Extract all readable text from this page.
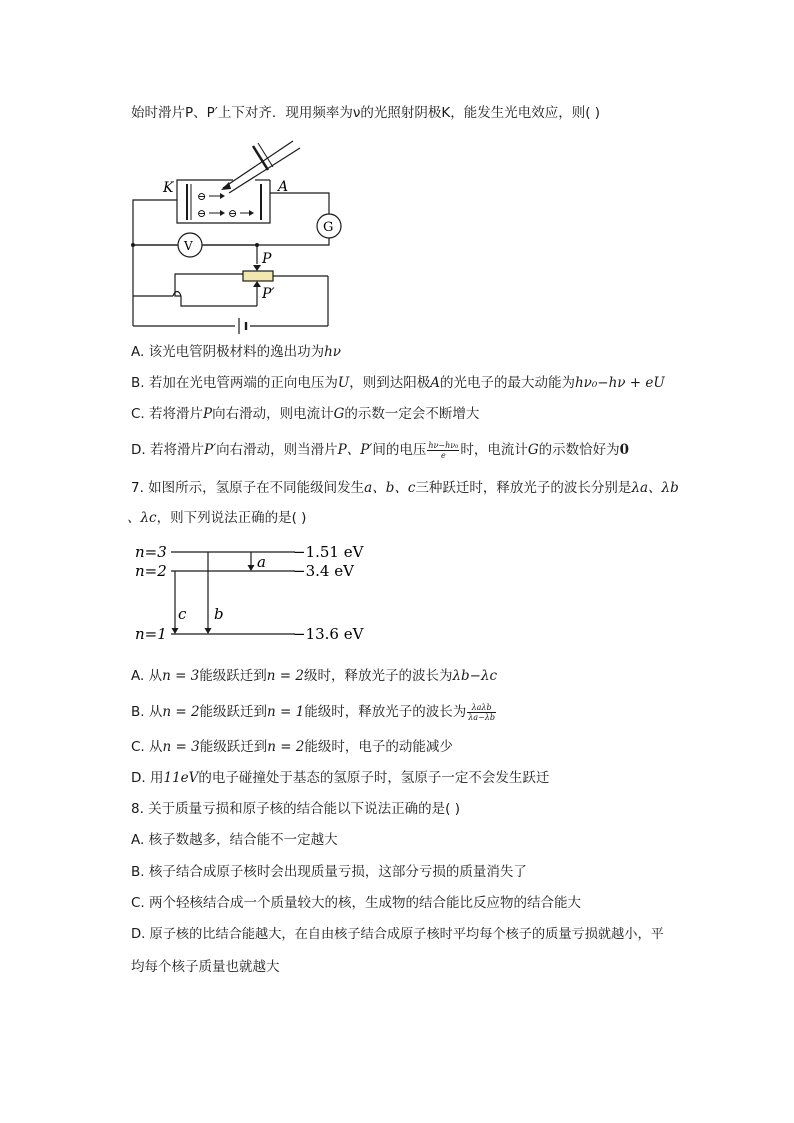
始时滑片P、P′上下对齐．现用频率为ν的光照射阴极K，能发生光电效应，则( )
⊖
⊖ ⊖
K	A
G
V
P
P′
A. 该光电管阴极材料的逸出功为hν
B. 若加在光电管两端的正向电压为U，则到达阳极A的光电子的最大动能为hν₀−hν + eU
C. 若将滑片P向右滑动，则电流计G的示数一定会不断增大
D. 若将滑片P′向右滑动，则当滑片P、P′间的电压 $\frac{\text{hν−hν₀}}{e}$ 时，电流计G的示数恰好为0
7. 如图所示，氢原子在不同能级间发生a、b、c三种跃迁时，释放光子的波长分别是λa、λb
、λc，则下列说法正确的是( )
n=3
n=2
n=1
−1.51 eV
−3.4 eV
−13.6 eV
a
b
c
A. 从n = 3能级跃迁到n = 2级时，释放光子的波长为λb−λc
B. 从n = 2能级跃迁到n = 1能级时，释放光子的波长为 $\frac{\text{λaλb}}{\lambda a-\lambda b}$
C. 从n = 3能级跃迁到n = 2能级时，电子的动能减少
D. 用11eV的电子碰撞处于基态的氢原子时，氢原子一定不会发生跃迁
8. 关于质量亏损和原子核的结合能以下说法正确的是( )
A. 核子数越多，结合能不一定越大
B. 核子结合成原子核时会出现质量亏损，这部分亏损的质量消失了
C. 两个轻核结合成一个质量较大的核，生成物的结合能比反应物的结合能大
D. 原子核的比结合能越大，在自由核子结合成原子核时平均每个核子的质量亏损就越小，平
均每个核子质量也就越大
